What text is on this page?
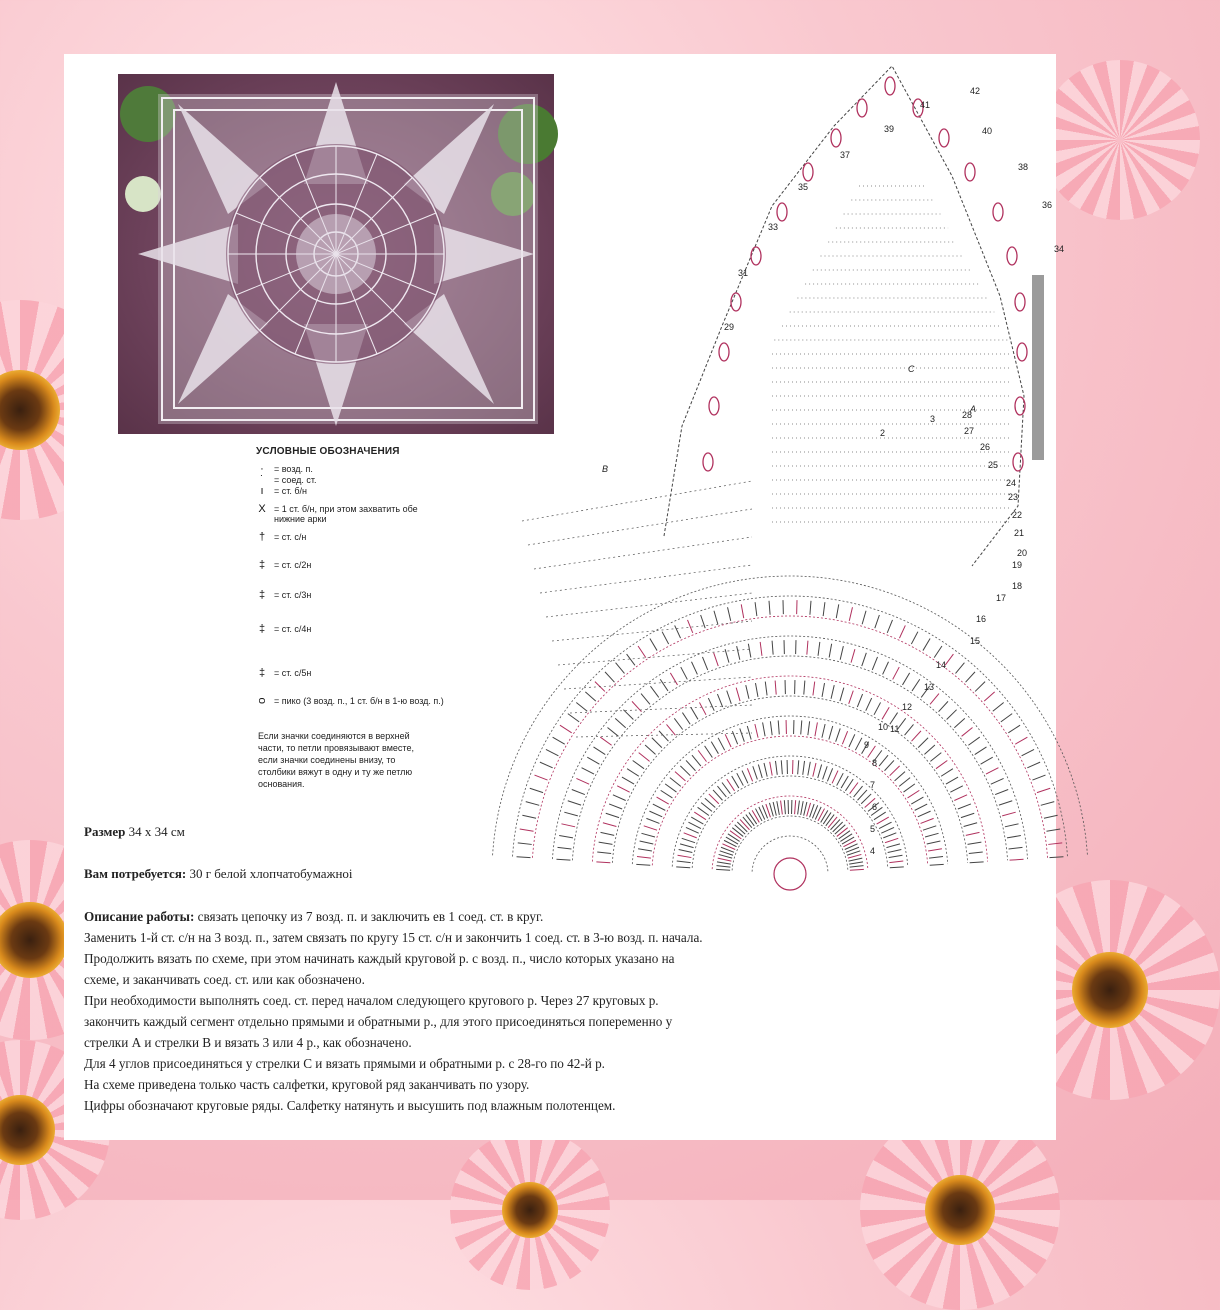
УСЛОВНЫЕ ОБОЗНАЧЕНИЯ
·	= возд. п.
˙	= соед. ст.
ı	= ст. б/н
X = 1 ст. б/н, при этом захватить обе нижние арки
† = ст. с/н
‡ = ст. с/2н
‡ = ст. с/3н
‡ = ст. с/4н
‡ = ст. с/5н
ᴑ = пико (3 возд. п., 1 ст. б/н в 1-ю возд. п.)
Если значки соединяются в верхней части, то петли провязывают вместе, если значки соединены внизу, то столбики вяжут в одну и ту же петлю основания.
2
3
4
5
6
7
8
9
10 11
12
13
14
15
16
17
18
19
20
21
22
23
24
25
26
27
28
29
31
33
34
35
36
37
38
39	40
41
42
A
B
C
Размер 34 x 34 см
Вам потребуется: 30 г белой хлопчатобумажноi

Описание работы: связать цепочку из 7 возд. п. и заключить ев 1 соед. ст. в круг.

Заменить 1-й ст. с/н на 3 возд. п., затем связать по кругу 15 ст. с/н и закончить 1 соед. ст. в 3-ю возд. п. начала.

Продолжить вязать по схеме, при этом начинать каждый круговой р. с возд. п., число которых указано на

схеме, и заканчивать соед. ст. или как обозначено.

При необходимости выполнять соед. ст. перед началом следующего кругового р. Через 27 круговых р.

закончить каждый сегмент отдельно прямыми и обратными р., для этого присоединяться попеременно у

стрелки А и стрелки В и вязать 3 или 4 р., как обозначено.

Для 4 углов присоединяться у стрелки С и вязать прямыми и обратными р. с 28-го по 42-й р.

На схеме приведена только часть салфетки, круговой ряд заканчивать по узору.

Цифры обозначают круговые ряды. Салфетку натянуть и высушить под влажным полотенцем.
